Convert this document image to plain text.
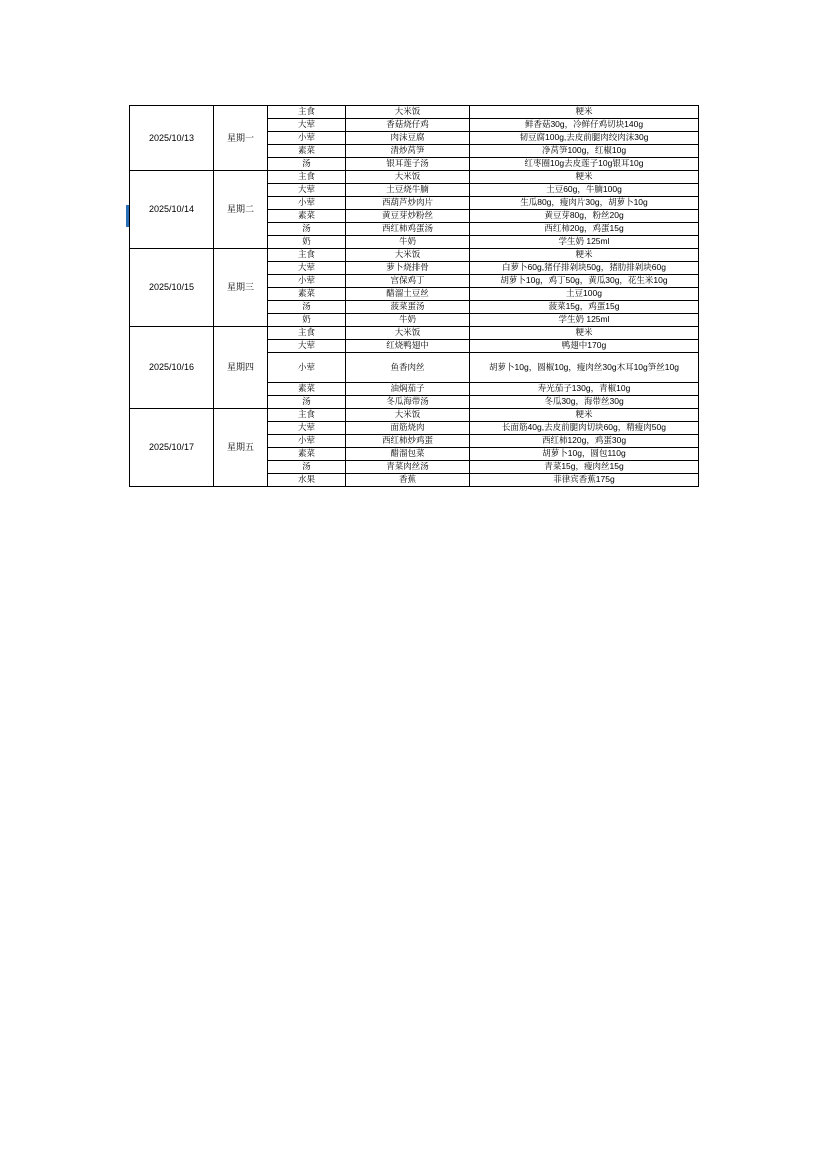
2025/10/13	星期一	主食	大米饭	粳米
		大荤	香菇烧仔鸡	鲜香菇30g，冷鲜仔鸡切块140g
		小荤	肉沫豆腐	韧豆腐100g,去皮前腿肉绞肉沫30g
		素菜	清炒莴笋	净莴笋100g，红椒10g
		汤	银耳莲子汤	红枣圈10g去皮莲子10g银耳10g
2025/10/14	星期二	主食	大米饭	粳米
		大荤	土豆烧牛腩	土豆60g，牛腩100g
		小荤	西葫芦炒肉片	生瓜80g，瘦肉片30g，胡萝卜10g
		素菜	黄豆芽炒粉丝	黄豆芽80g，粉丝20g
		汤	西红柿鸡蛋汤	西红柿20g，鸡蛋15g
		奶	牛奶	学生奶 125ml
2025/10/15	星期三	主食	大米饭	粳米
		大荤	萝卜烧排骨	白萝卜60g,猪仔排剁块50g，猪肋排剁块60g
		小荤	宫保鸡丁	胡萝卜10g，鸡丁50g，黄瓜30g，花生米10g
		素菜	醋溜土豆丝	土豆100g
		汤	菠菜蛋汤	菠菜15g，鸡蛋15g
		奶	牛奶	学生奶 125ml
2025/10/16	星期四	主食	大米饭	粳米
		大荤	红烧鸭翅中	鸭翅中170g
		小荤	鱼香肉丝	胡萝卜10g，圆椒10g，瘦肉丝30g木耳10g笋丝10g
		素菜	油焖茄子	寿光茄子130g，青椒10g
		汤	冬瓜海带汤	冬瓜30g，海带丝30g
2025/10/17	星期五	主食	大米饭	粳米
		大荤	面筋烧肉	长面筋40g,去皮前腿肉切块60g，精瘦肉50g
		小荤	西红柿炒鸡蛋	西红柿120g，鸡蛋30g
		素菜	醋溜包菜	胡萝卜10g，圆包110g
		汤	青菜肉丝汤	青菜15g，瘦肉丝15g
		水果	香蕉	菲律宾香蕉175g
